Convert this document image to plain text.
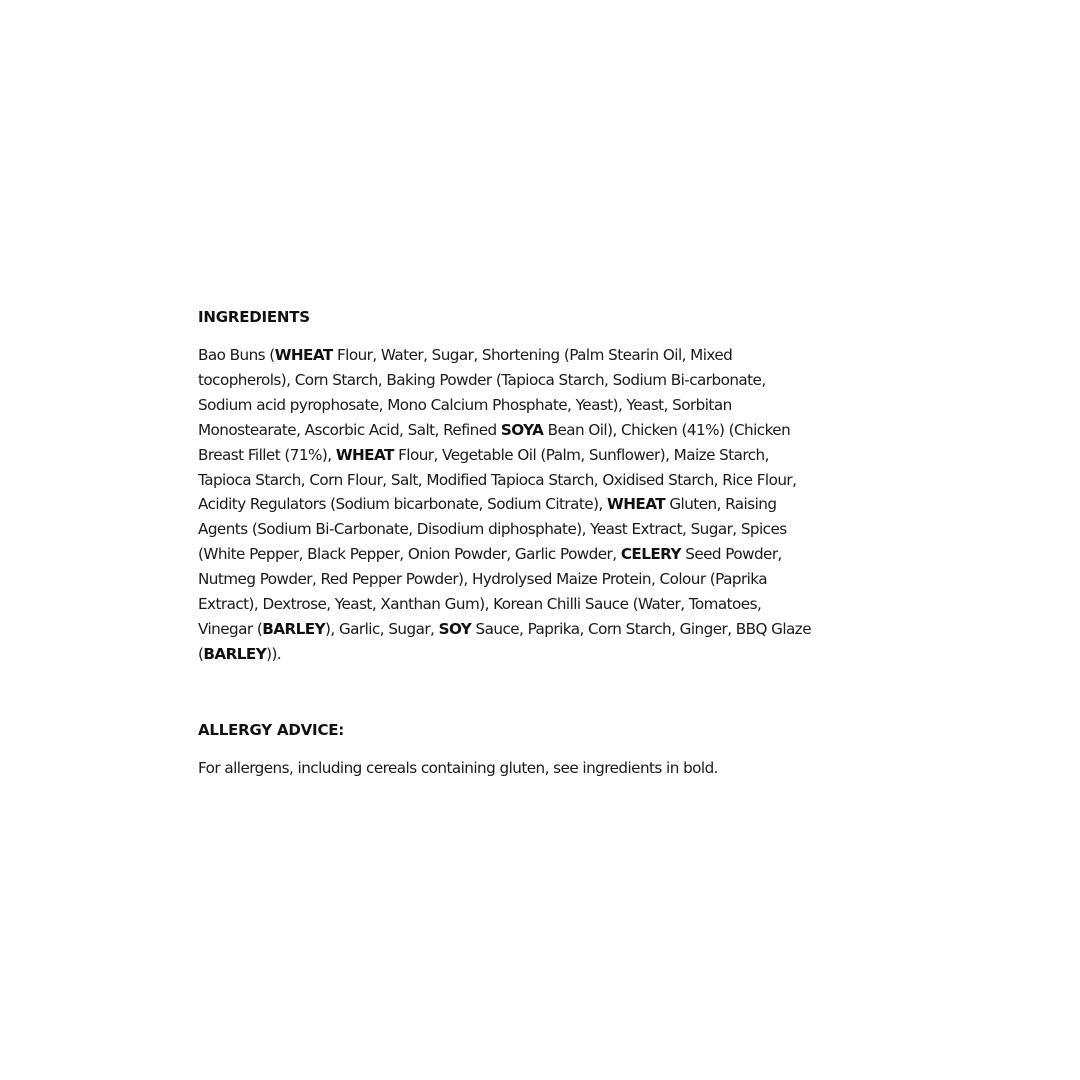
INGREDIENTS

Bao Buns (WHEAT Flour, Water, Sugar, Shortening (Palm Stearin Oil, Mixed
tocopherols), Corn Starch, Baking Powder (Tapioca Starch, Sodium Bi-carbonate,
Sodium acid pyrophosate, Mono Calcium Phosphate, Yeast), Yeast, Sorbitan
Monostearate, Ascorbic Acid, Salt, Refined SOYA Bean Oil), Chicken (41%) (Chicken
Breast Fillet (71%), WHEAT Flour, Vegetable Oil (Palm, Sunflower), Maize Starch,
Tapioca Starch, Corn Flour, Salt, Modified Tapioca Starch, Oxidised Starch, Rice Flour,
Acidity Regulators (Sodium bicarbonate, Sodium Citrate), WHEAT Gluten, Raising
Agents (Sodium Bi-Carbonate, Disodium diphosphate), Yeast Extract, Sugar, Spices
(White Pepper, Black Pepper, Onion Powder, Garlic Powder, CELERY Seed Powder,
Nutmeg Powder, Red Pepper Powder), Hydrolysed Maize Protein, Colour (Paprika
Extract), Dextrose, Yeast, Xanthan Gum), Korean Chilli Sauce (Water, Tomatoes,
Vinegar (BARLEY), Garlic, Sugar, SOY Sauce, Paprika, Corn Starch, Ginger, BBQ Glaze
(BARLEY)).

ALLERGY ADVICE:

For allergens, including cereals containing gluten, see ingredients in bold.
